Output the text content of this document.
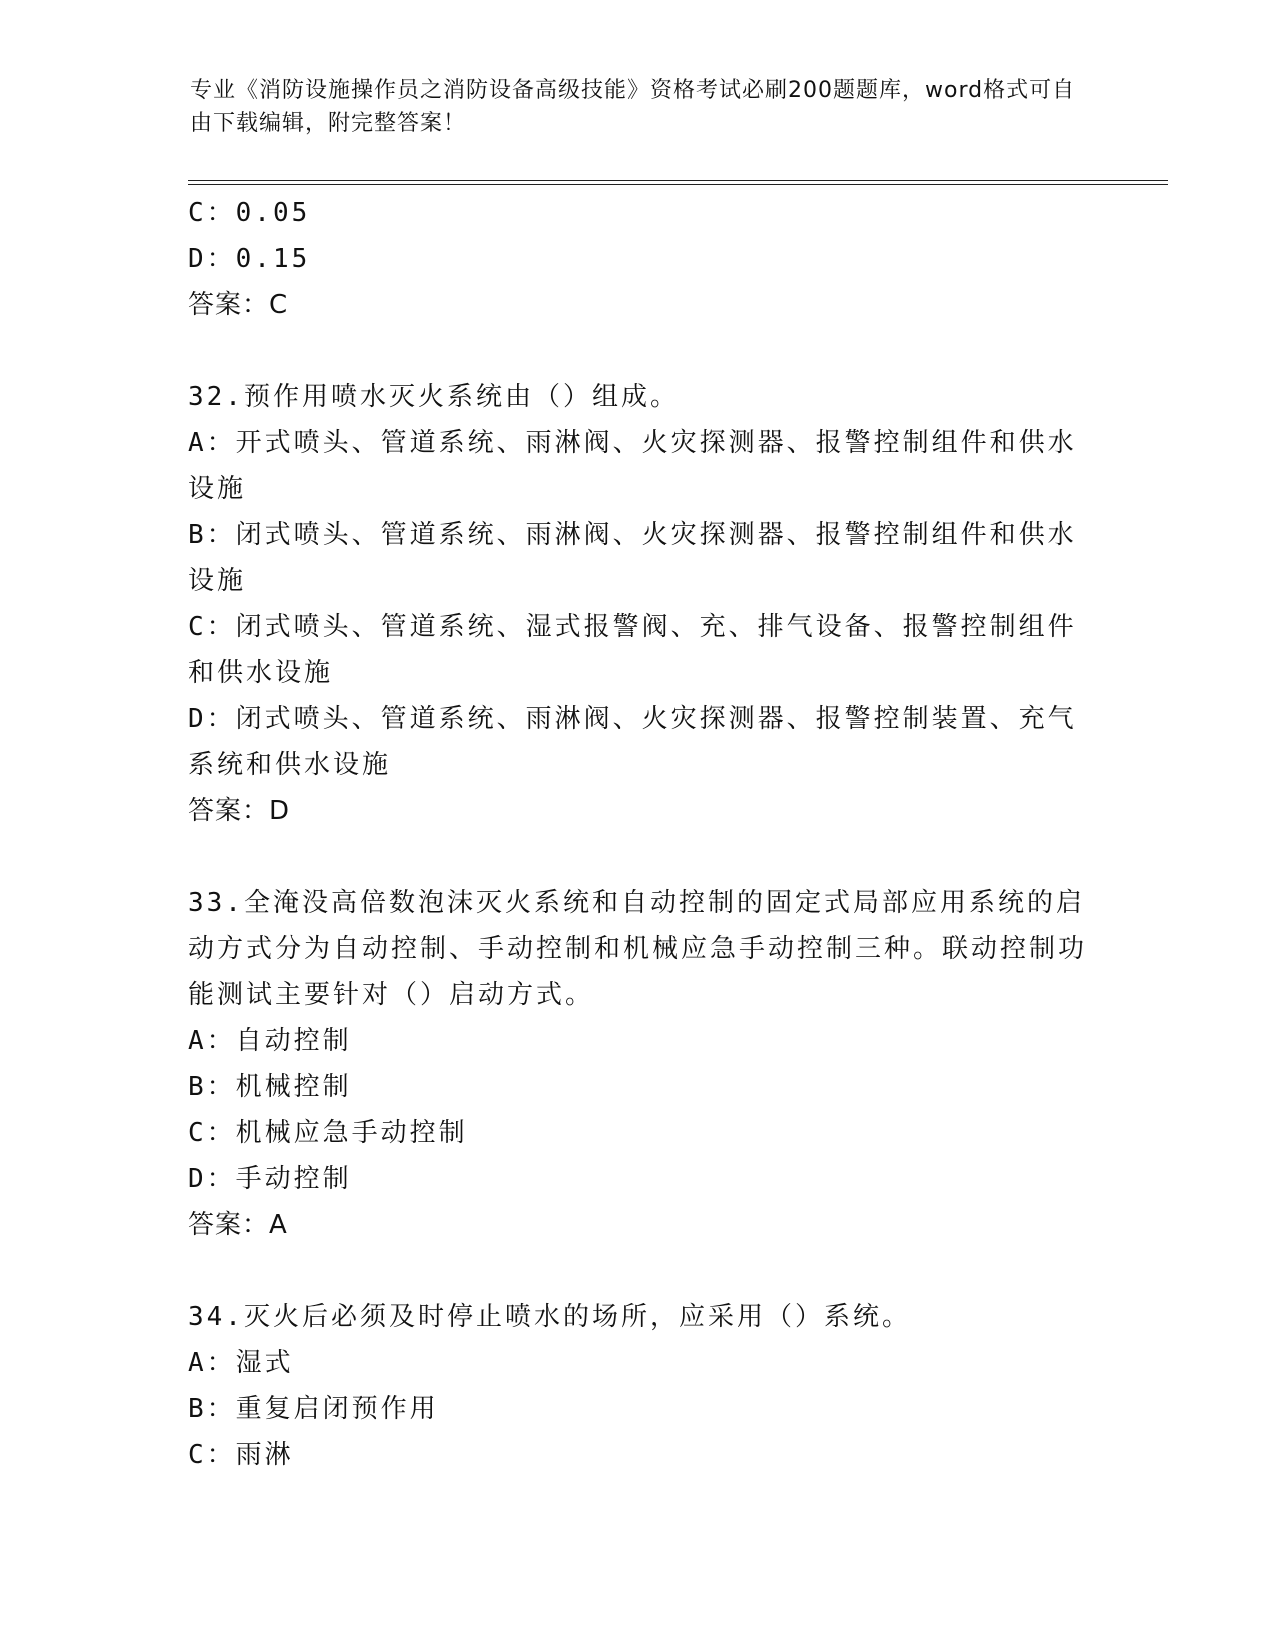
专业《消防设施操作员之消防设备高级技能》资格考试必刷200题题库，word格式可自由下载编辑，附完整答案！
C：0.05
D：0.15
答案：C
32.预作用喷水灭火系统由（）组成。
A：开式喷头、管道系统、雨淋阀、火灾探测器、报警控制组件和供水设施
B：闭式喷头、管道系统、雨淋阀、火灾探测器、报警控制组件和供水设施
C：闭式喷头、管道系统、湿式报警阀、充、排气设备、报警控制组件和供水设施
D：闭式喷头、管道系统、雨淋阀、火灾探测器、报警控制装置、充气系统和供水设施
答案：D
33.全淹没高倍数泡沫灭火系统和自动控制的固定式局部应用系统的启动方式分为自动控制、手动控制和机械应急手动控制三种。联动控制功能测试主要针对（）启动方式。
A：自动控制
B：机械控制
C：机械应急手动控制
D：手动控制
答案：A
34.灭火后必须及时停止喷水的场所，应采用（）系统。
A：湿式
B：重复启闭预作用
C：雨淋
